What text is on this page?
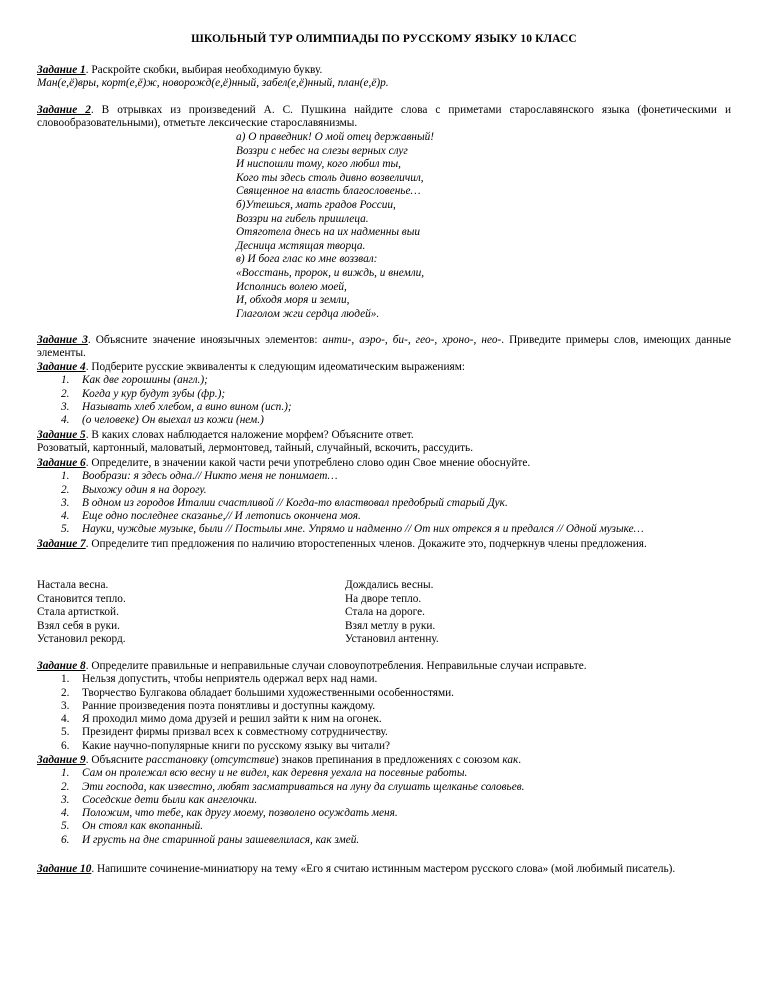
ШКОЛЬНЫЙ ТУР ОЛИМПИАДЫ ПО РУССКОМУ ЯЗЫКУ 10 КЛАСС
Задание 1. Раскройте скобки, выбирая необходимую букву.
Ман(е,ё)вры, корт(е,ё)ж, новорожд(е,ё)нный, забел(е,ё)нный, план(е,ё)р.
Задание 2. В отрывках из произведений А. С. Пушкина найдите слова с приметами старославянского языка (фонетическими и словообразовательными), отметьте лексические старославянизмы.
а) О праведник! О мой отец державный!
Воззри с небес на слезы верных слуг
И ниспошли тому, кого любил ты,
Кого ты здесь столь дивно возвеличил,
Священное на власть благословенье…
б)Утешься, мать градов России,
Воззри на гибель пришлеца.
Отяготела днесь на их надменны выи
Десница мстящая творца.
в) И бога глас ко мне воззвал:
«Восстань, пророк, и виждь, и внемли,
Исполнись волею моей,
И, обходя моря и земли,
Глаголом жги сердца людей».
Задание 3. Объясните значение иноязычных элементов: анти-, аэро-, би-, гео-, хроно-, нео-. Приведите примеры слов, имеющих данные элементы.
Задание 4. Подберите русские эквиваленты к следующим идеоматическим выражениям:
1. Как две горошины (англ.);
2. Когда у кур будут зубы (фр.);
3. Называть хлеб хлебом, а вино вином (исп.);
4. (о человеке) Он выехал из кожи (нем.)
Задание 5. В каких словах наблюдается наложение морфем? Объясните ответ.
Розоватый, картонный, маловатый, лермонтовед, тайный, случайный, вскочить, рассудить.
Задание 6. Определите, в значении какой части речи употреблено слово один Свое мнение обоснуйте.
1. Вообрази: я здесь одна.// Никто меня не понимает…
2. Выхожу один я на дорогу.
3. В одном из городов Италии счастливой // Когда-то властвовал предобрый старый Дук.
4. Еще одно последнее сказанье,// И летопись окончена моя.
5. Науки, чуждые музыке, были // Постылы мне. Упрямо и надменно // От них отрекся я и предался // Одной музыке…
Задание 7. Определите тип предложения по наличию второстепенных членов. Докажите это, подчеркнув члены предложения.
Настала весна.
Становится тепло.
Стала артисткой.
Взял себя в руки.
Установил рекорд.
Дождались весны.
На дворе тепло.
Стала на дороге.
Взял метлу в руки.
Установил антенну.
Задание 8. Определите правильные и неправильные случаи словоупотребления. Неправильные случаи исправьте.
1. Нельзя допустить, чтобы неприятель одержал верх над нами.
2. Творчество Булгакова обладает большими художественными особенностями.
3. Ранние произведения поэта понятливы и доступны каждому.
4. Я проходил мимо дома друзей и решил зайти к ним на огонек.
5. Президент фирмы призвал всех к совместному сотрудничеству.
6. Какие научно-популярные книги по русскому языку вы читали?
Задание 9. Объясните расстановку (отсутствие) знаков препинания в предложениях с союзом как.
1. Сам он пролежал всю весну и не видел, как деревня уехала на посевные работы.
2. Эти господа, как известно, любят засматриваться на луну да слушать щелканье соловьев.
3. Соседские дети были как ангелочки.
4. Положим, что тебе, как другу моему, позволено осуждать меня.
5. Он стоял как вкопанный.
6. И грусть на дне старинной раны зашевелилася, как змей.
Задание 10. Напишите сочинение-миниатюру на тему «Его я считаю истинным мастером русского слова» (мой любимый писатель).
